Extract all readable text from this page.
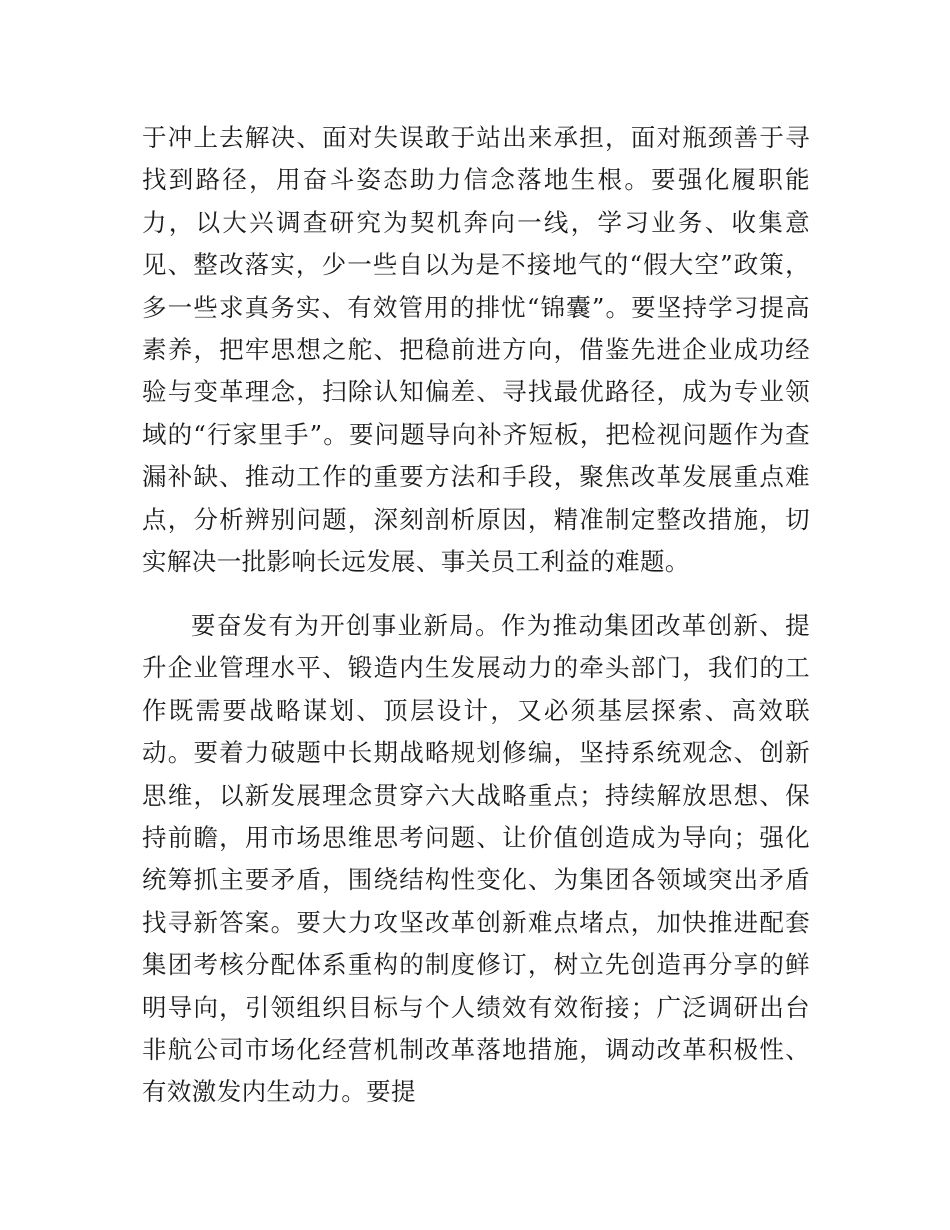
于冲上去解决、面对失误敢于站出来承担，面对瓶颈善于寻找到路径，用奋斗姿态助力信念落地生根。要强化履职能力，以大兴调查研究为契机奔向一线，学习业务、收集意见、整改落实，少一些自以为是不接地气的“假大空”政策，多一些求真务实、有效管用的排忧“锦囊”。要坚持学习提高素养，把牢思想之舵、把稳前进方向，借鉴先进企业成功经验与变革理念，扫除认知偏差、寻找最优路径，成为专业领域的“行家里手”。要问题导向补齐短板，把检视问题作为查漏补缺、推动工作的重要方法和手段，聚焦改革发展重点难点，分析辨别问题，深刻剖析原因，精准制定整改措施，切实解决一批影响长远发展、事关员工利益的难题。

要奋发有为开创事业新局。作为推动集团改革创新、提升企业管理水平、锻造内生发展动力的牵头部门，我们的工作既需要战略谋划、顶层设计，又必须基层探索、高效联动。要着力破题中长期战略规划修编，坚持系统观念、创新思维，以新发展理念贯穿六大战略重点；持续解放思想、保持前瞻，用市场思维思考问题、让价值创造成为导向；强化统筹抓主要矛盾，围绕结构性变化、为集团各领域突出矛盾找寻新答案。要大力攻坚改革创新难点堵点，加快推进配套集团考核分配体系重构的制度修订，树立先创造再分享的鲜明导向，引领组织目标与个人绩效有效衔接；广泛调研出台非航公司市场化经营机制改革落地措施，调动改革积极性、有效激发内生动力。要提
